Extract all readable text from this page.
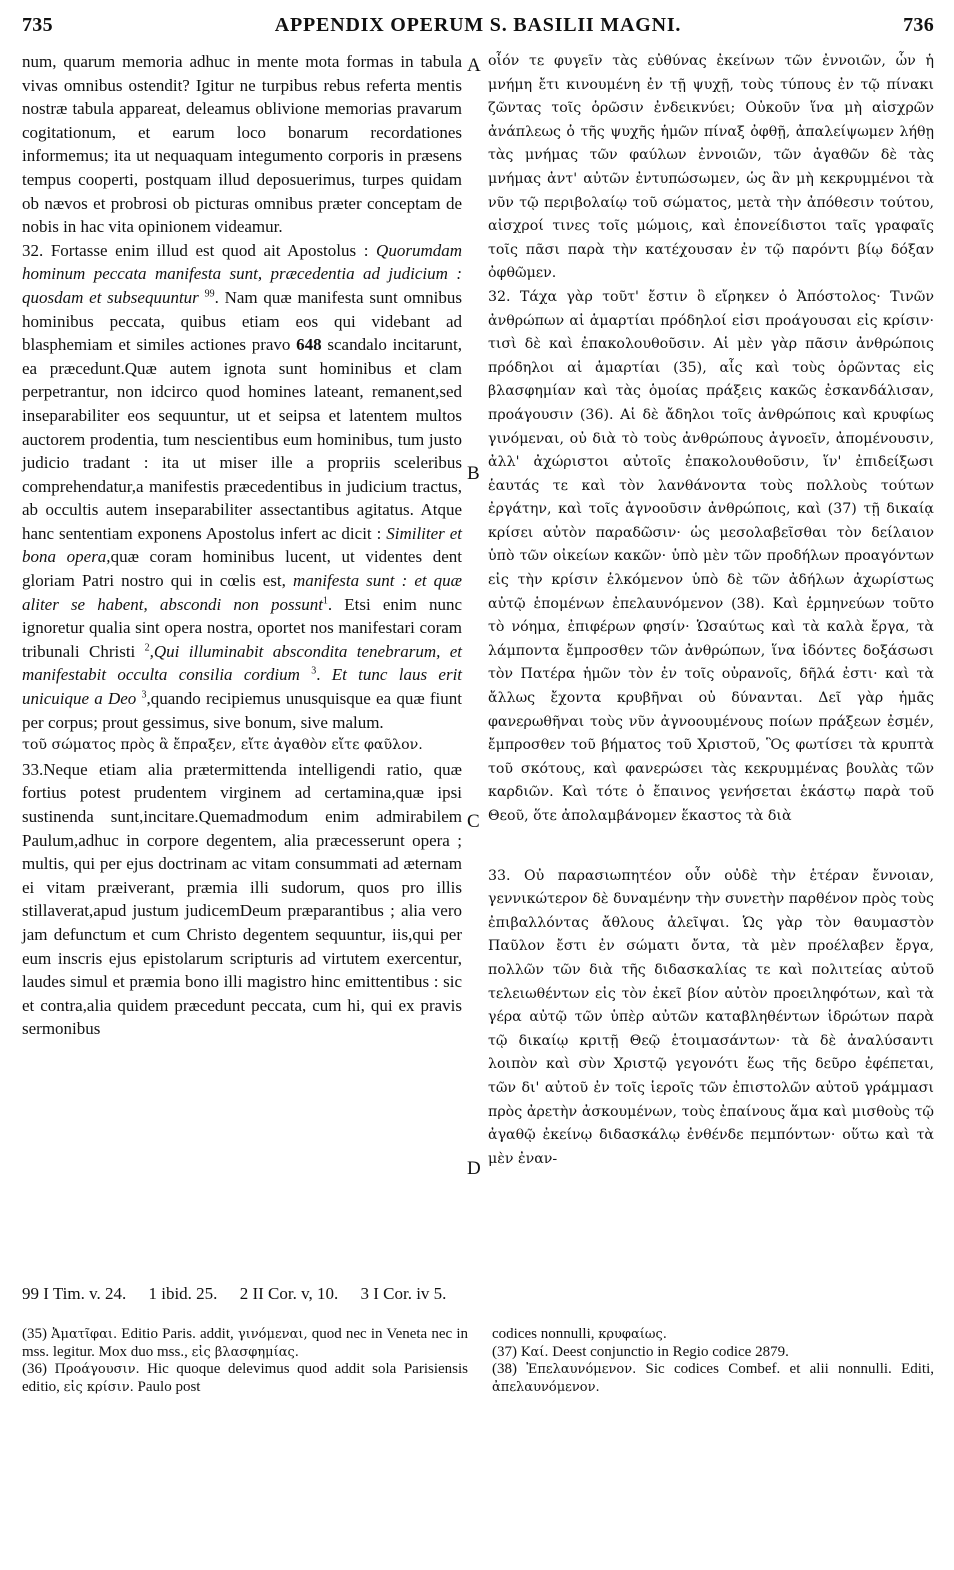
735	APPENDIX OPERUM S. BASILII MAGNI.	736
A
B
C
D

num, quarum memoria adhuc in mente mota formas in tabula vivas omnibus ostendit? Igitur ne turpibus rebus referta mentis nostræ tabula appareat, deleamus oblivione memorias pravarum cogitationum, et earum loco bonarum recordationes informemus; ita ut nequaquam integumento corporis in præsens tempus cooperti, postquam illud deposuerimus, turpes quidam ob nævos et probrosi ob picturas omnibus præter conceptam de nobis in hac vita opinionem videamur.

32. Fortasse enim illud est quod ait Apostolus : Quorumdam hominum peccata manifesta sunt, præcedentia ad judicium : quosdam et subsequuntur $^{99}$. Nam quæ manifesta sunt omnibus hominibus peccata, quibus etiam eos qui videbant ad blasphemiam et similes actiones pravo 648 scandalo incitarunt, ea præcedunt.Quæ autem ignota sunt hominibus et clam perpetrantur, non idcirco quod homines lateant, remanent,sed inseparabiliter eos sequuntur, ut et seipsa et latentem multos auctorem prodentia, tum nescientibus eum hominibus, tum justo judicio tradant : ita ut miser ille a propriis sceleribus comprehendatur,a manifestis præcedentibus in judicium tractus, ab occultis autem inseparabiliter assectantibus agitatus. Atque hanc sententiam exponens Apostolus infert ac dicit : Similiter et bona opera,quæ coram hominibus lucent, ut videntes dent gloriam Patri nostro qui in cœlis est, manifesta sunt : et quæ aliter se habent, abscondi non possunt$^1$. Etsi enim nunc ignoretur qualia sint opera nostra, oportet nos manifestari coram tribunali Christi $^2$,Qui illuminabit abscondita tenebrarum, et manifestabit occulta consilia cordium $^3$. Et tunc laus erit unicuique a Deo $^3$,quando recipiemus unusquisque ea quæ fiunt per corpus; prout gessimus, sive bonum, sive malum.

τοῦ σώματος πρὸς ἃ ἔπραξεν, εἴτε ἀγαθὸν εἴτε φαῦλον.

33.Neque etiam alia prætermittenda intelligendi ratio, quæ fortius potest prudentem virginem ad certamina,quæ ipsi sustinenda sunt,incitare.Quemadmodum enim admirabilem Paulum,adhuc in corpore degentem, alia præcesserunt opera ; multis, qui per ejus doctrinam ac vitam consummati ad æternam ei vitam præiverant, præmia illi sudorum, quos pro illis stillaverat,apud justum judicemDeum præparantibus ; alia vero jam defunctum et cum Christo degentem sequuntur, iis,qui per eum inscris ejus epistolarum scripturis ad virtutem exercentur, laudes simul et præmia bono illi magistro hinc emittentibus : sic et contra,alia quidem præcedunt peccata, cum hi, qui ex pravis sermonibus

οἷόν τε φυγεῖν τὰς εὐθύνας ἐκείνων τῶν ἐννοιῶν, ὧν ἡ μνήμη ἔτι κινουμένη ἐν τῇ ψυχῇ, τοὺς τύπους ἐν τῷ πίνακι ζῶντας τοῖς ὁρῶσιν ἐνδεικνύει; Οὐκοῦν ἵνα μὴ αἰσχρῶν ἀνάπλεως ὁ τῆς ψυχῆς ἡμῶν πίναξ ὀφθῇ, ἀπαλείψωμεν λήθῃ τὰς μνήμας τῶν φαύλων ἐννοιῶν, τῶν ἀγαθῶν δὲ τὰς μνήμας ἀντ' αὐτῶν ἐντυπώσωμεν, ὡς ἂν μὴ κεκρυμμένοι τὰ νῦν τῷ περιβολαίῳ τοῦ σώματος, μετὰ τὴν ἀπόθεσιν τούτου, αἰσχροί τινες τοῖς μώμοις, καὶ ἐπονείδιστοι ταῖς γραφαῖς τοῖς πᾶσι παρὰ τὴν κατέχουσαν ἐν τῷ παρόντι βίῳ δόξαν ὀφθῶμεν.

32. Τάχα γὰρ τοῦτ' ἔστιν ὃ εἴρηκεν ὁ Ἀπόστολος· Τινῶν ἀνθρώπων αἱ ἁμαρτίαι πρόδηλοί εἰσι προάγουσαι εἰς κρίσιν· τισὶ δὲ καὶ ἐπακολουθοῦσιν. Αἱ μὲν γὰρ πᾶσιν ἀνθρώποις πρόδηλοι αἱ ἁμαρτίαι (35), αἷς καὶ τοὺς ὁρῶντας εἰς βλασφημίαν καὶ τὰς ὁμοίας πράξεις κακῶς ἐσκανδάλισαν, προάγουσιν (36). Αἱ δὲ ἄδηλοι τοῖς ἀνθρώποις καὶ κρυφίως γινόμεναι, οὐ διὰ τὸ τοὺς ἀνθρώπους ἀγνοεῖν, ἀπομένουσιν, ἀλλ' ἀχώριστοι αὐτοῖς ἐπακολουθοῦσιν, ἵν' ἐπιδείξωσι ἑαυτάς τε καὶ τὸν λανθάνοντα τοὺς πολλοὺς τούτων ἐργάτην, καὶ τοῖς ἀγνοοῦσιν ἀνθρώποις, καὶ (37) τῇ δικαίᾳ κρίσει αὐτὸν παραδῶσιν· ὡς μεσολαβεῖσθαι τὸν δείλαιον ὑπὸ τῶν οἰκείων κακῶν· ὑπὸ μὲν τῶν προδήλων προαγόντων εἰς τὴν κρίσιν ἑλκόμενον ὑπὸ δὲ τῶν ἀδήλων ἀχωρίστως αὐτῷ ἑπομένων ἐπελαυνόμενον (38). Καὶ ἑρμηνεύων τοῦτο τὸ νόημα, ἐπιφέρων φησίν· Ὡσαύτως καὶ τὰ καλὰ ἔργα, τὰ λάμποντα ἔμπροσθεν τῶν ἀνθρώπων, ἵνα ἰδόντες δοξάσωσι τὸν Πατέρα ἡμῶν τὸν ἐν τοῖς οὐρανοῖς, δῆλά ἐστι· καὶ τὰ ἄλλως ἔχοντα κρυβῆναι οὐ δύνανται. Δεῖ γὰρ ἡμᾶς φανερωθῆναι τοὺς νῦν ἀγνοουμένους ποίων πράξεων ἐσμέν, ἔμπροσθεν τοῦ βήματος τοῦ Χριστοῦ, Ὃς φωτίσει τὰ κρυπτὰ τοῦ σκότους, καὶ φανερώσει τὰς κεκρυμμένας βουλὰς τῶν καρδιῶν. Καὶ τότε ὁ ἔπαινος γενήσεται ἑκάστῳ παρὰ τοῦ Θεοῦ, ὅτε ἀπολαμβάνομεν ἕκαστος τὰ διὰ

33. Οὐ παρασιωπητέον οὖν οὐδὲ τὴν ἑτέραν ἔννοιαν, γεννικώτερον δὲ δυναμένην τὴν συνετὴν παρθένον πρὸς τοὺς ἐπιβαλλόντας ἄθλους ἀλεῖψαι. Ὡς γὰρ τὸν θαυμαστὸν Παῦλον ἔστι ἐν σώματι ὄντα, τὰ μὲν προέλαβεν ἔργα, πολλῶν τῶν διὰ τῆς διδασκαλίας τε καὶ πολιτείας αὐτοῦ τελειωθέντων εἰς τὸν ἐκεῖ βίον αὐτὸν προειληφότων, καὶ τὰ γέρα αὐτῷ τῶν ὑπὲρ αὐτῶν καταβληθέντων ἱδρώτων παρὰ τῷ δικαίῳ κριτῇ Θεῷ ἑτοιμασάντων· τὰ δὲ ἀναλύσαντι λοιπὸν καὶ σὺν Χριστῷ γεγονότι ἕως τῆς δεῦρο ἐφέπεται, τῶν δι' αὐτοῦ ἐν τοῖς ἱεροῖς τῶν ἐπιστολῶν αὐτοῦ γράμμασι πρὸς ἀρετὴν ἀσκουμένων, τοὺς ἐπαίνους ἅμα καὶ μισθοὺς τῷ ἀγαθῷ ἐκείνῳ διδασκάλῳ ἐνθένδε πεμπόντων· οὕτω καὶ τὰ μὲν ἐναν-

99 I Tim. v. 24. 1 ibid. 25. 2 II Cor. v, 10. 3 I Cor. iv 5.

(35) Ἀματῖφαι. Editio Paris. addit, γινόμεναι, quod nec in Veneta nec in mss. legitur. Mox duo mss., εἰς βλασφημίας.

(36) Προάγουσιν. Hic quoque delevimus quod addit sola Parisiensis editio, εἰς κρίσιν. Paulo post

codices nonnulli, κρυφαίως.

(37) Καί. Deest conjunctio in Regio codice 2879.

(38) Ἐπελαυνόμενον. Sic codices Combef. et alii nonnulli. Editi, ἀπελαυνόμενον.
